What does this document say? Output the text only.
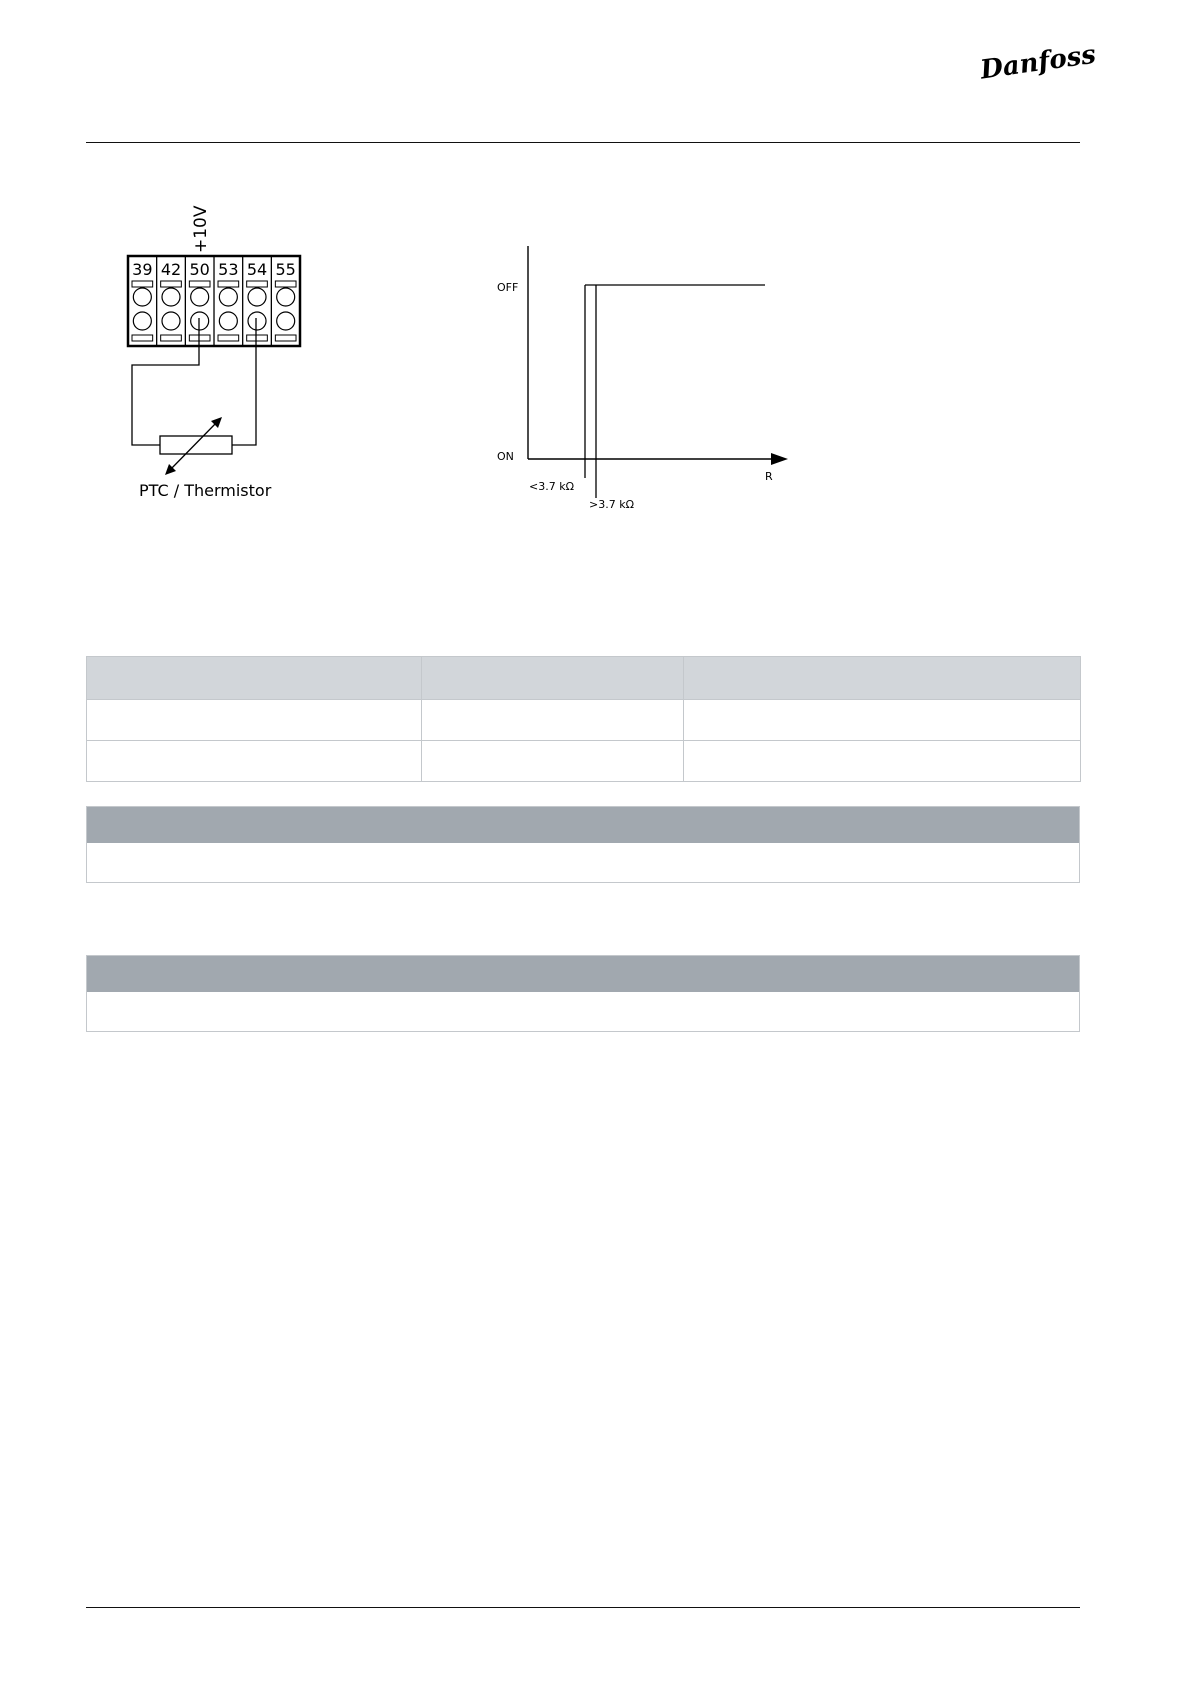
Danfoss
+10V
39 42 50 53 54 55
PTC / Thermistor
OFF
ON
R
<3.7 kΩ
>3.7 kΩ
